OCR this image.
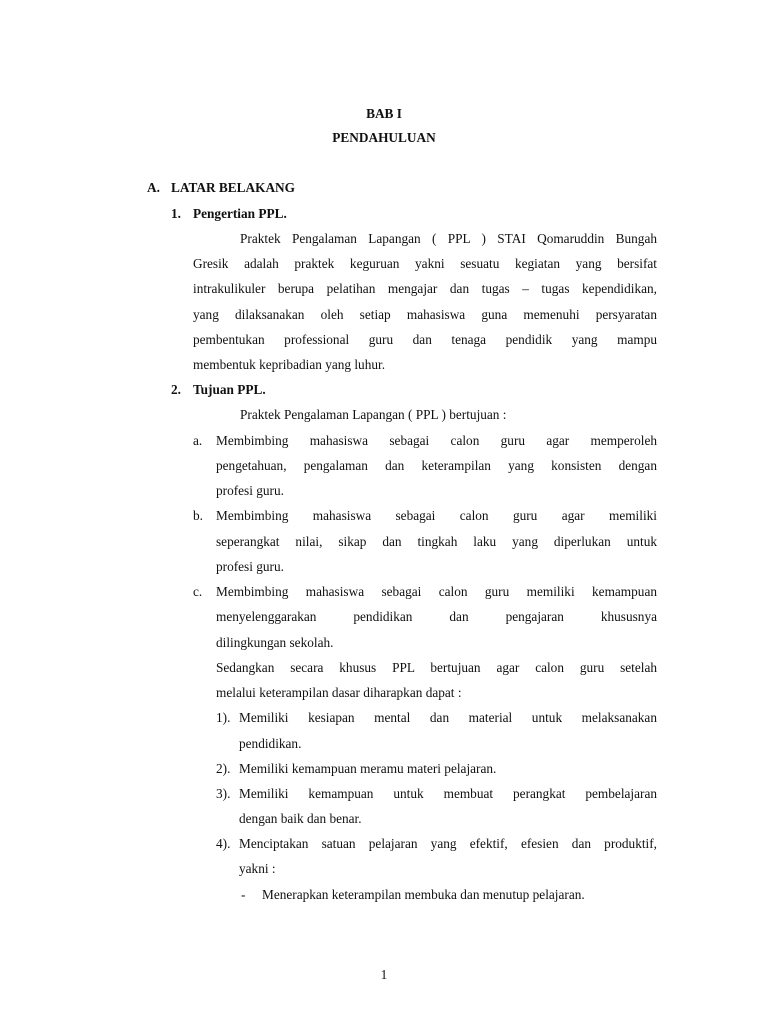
BAB I
PENDAHULUAN
A. LATAR BELAKANG
1. Pengertian PPL.
Praktek Pengalaman Lapangan ( PPL ) STAI Qomaruddin Bungah
Gresik adalah praktek keguruan yakni sesuatu kegiatan yang bersifat
intrakulikuler berupa pelatihan mengajar dan tugas – tugas kependidikan,
yang dilaksanakan oleh setiap mahasiswa guna memenuhi persyaratan
pembentukan professional guru dan tenaga pendidik yang mampu
membentuk kepribadian yang luhur.
2. Tujuan PPL.
Praktek Pengalaman Lapangan ( PPL ) bertujuan :
a. Membimbing mahasiswa sebagai calon guru agar memperoleh
pengetahuan, pengalaman dan keterampilan yang konsisten dengan
profesi guru.
b. Membimbing mahasiswa sebagai calon guru agar memiliki
seperangkat nilai, sikap dan tingkah laku yang diperlukan untuk
profesi guru.
c. Membimbing mahasiswa sebagai calon guru memiliki kemampuan
menyelenggarakan pendidikan dan pengajaran khususnya
dilingkungan sekolah.
Sedangkan secara khusus PPL bertujuan agar calon guru setelah
melalui keterampilan dasar diharapkan dapat :
1). Memiliki kesiapan mental dan material untuk melaksanakan
pendidikan.
2). Memiliki kemampuan meramu materi pelajaran.
3). Memiliki kemampuan untuk membuat perangkat pembelajaran
dengan baik dan benar.
4). Menciptakan satuan pelajaran yang efektif, efesien dan produktif,
yakni :
- Menerapkan keterampilan membuka dan menutup pelajaran.
1
